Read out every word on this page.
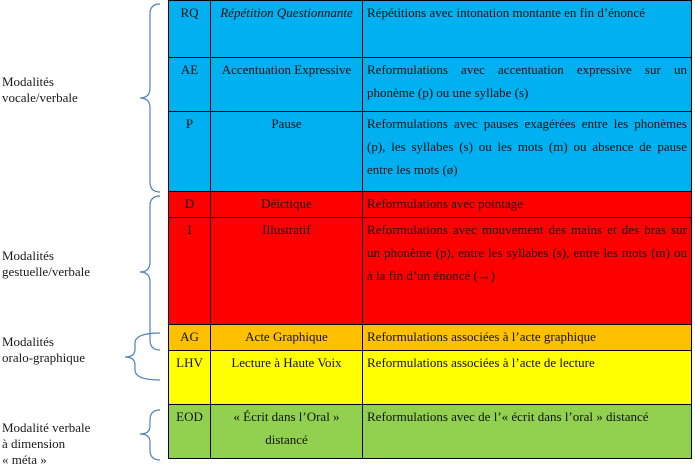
Modalités
vocale/verbale
Modalités
gestuelle/verbale
Modalités
oralo-graphique
Modalité verbale
à dimension
« méta »
RQ	Répétition Questionnante	Répétitions avec intonation montante en fin d’énoncé
AE	Accentuation Expressive	Reformulations avec accentuation expressive sur un phonème (p) ou une syllabe (s)
P	Pause	Reformulations avec pauses exagérées entre les phonèmes (p), les syllabes (s) ou les mots (m) ou absence de pause entre les mots (ø)
D	Déictique	Reformulations avec pointage
I	Illustratif	Reformulations avec mouvement des mains et des bras sur un phonème (p), entre les syllabes (s), entre les mots (m) ou à la fin d’un énoncé (→)
AG	Acte Graphique	Reformulations associées à l’acte graphique
LHV	Lecture à Haute Voix	Reformulations associées à l’acte de lecture
EOD	« Écrit dans l’Oral » distancé	Reformulations avec de l’« écrit dans l’oral » distancé
